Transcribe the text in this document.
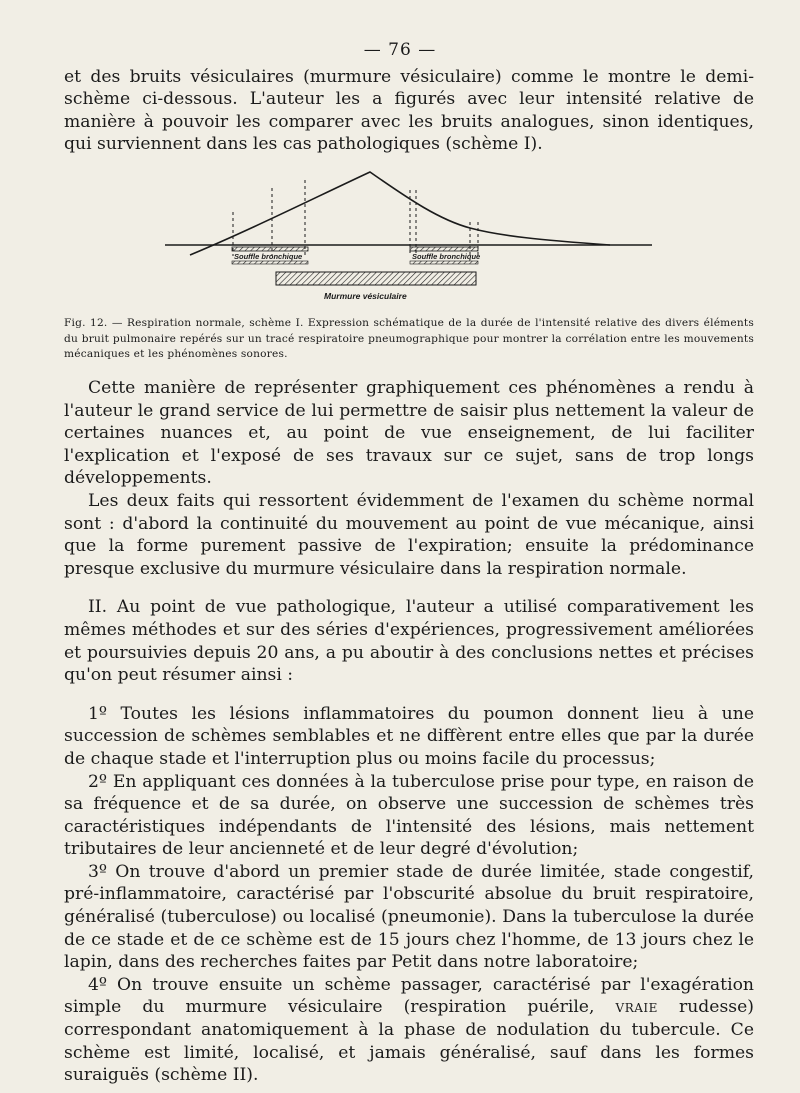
— 76 —

et des bruits vésiculaires (murmure vésiculaire) comme le montre le demi-schème ci-dessous. L'auteur les a figurés avec leur intensité relative de manière à pouvoir les comparer avec les bruits analogues, sinon identiques, qui surviennent dans les cas pathologiques (schème I).

Souffle bronchique	Souffle bronchique
Murmure vésiculaire

Fig. 12. — Respiration normale, schème I. Expression schématique de la durée de l'intensité relative des divers éléments du bruit pulmonaire repérés sur un tracé respiratoire pneumographique pour montrer la corrélation entre les mouvements mécaniques et les phénomènes sonores.

Cette manière de représenter graphiquement ces phénomènes a rendu à l'auteur le grand service de lui permettre de saisir plus nettement la valeur de certaines nuances et, au point de vue enseignement, de lui faciliter l'explication et l'exposé de ses travaux sur ce sujet, sans de trop longs développements.

Les deux faits qui ressortent évidemment de l'examen du schème normal sont : d'abord la continuité du mouvement au point de vue mécanique, ainsi que la forme purement passive de l'expiration; ensuite la prédominance presque exclusive du murmure vésiculaire dans la respiration normale.

II. Au point de vue pathologique, l'auteur a utilisé comparativement les mêmes méthodes et sur des séries d'expériences, progressivement améliorées et poursuivies depuis 20 ans, a pu aboutir à des conclusions nettes et précises qu'on peut résumer ainsi :

1º Toutes les lésions inflammatoires du poumon donnent lieu à une succession de schèmes semblables et ne diffèrent entre elles que par la durée de chaque stade et l'interruption plus ou moins facile du processus;

2º En appliquant ces données à la tuberculose prise pour type, en raison de sa fréquence et de sa durée, on observe une succession de schèmes très caractéristiques indépendants de l'intensité des lésions, mais nettement tributaires de leur ancienneté et de leur degré d'évolution;

3º On trouve d'abord un premier stade de durée limitée, stade congestif, pré-inflammatoire, caractérisé par l'obscurité absolue du bruit respiratoire, généralisé (tuberculose) ou localisé (pneumonie). Dans la tuberculose la durée de ce stade et de ce schème est de 15 jours chez l'homme, de 13 jours chez le lapin, dans des recherches faites par Petit dans notre laboratoire;

4º On trouve ensuite un schème passager, caractérisé par l'exagération simple du murmure vésiculaire (respiration puérile, vraie rudesse) correspondant anatomiquement à la phase de nodulation du tubercule. Ce schème est limité, localisé, et jamais généralisé, sauf dans les formes suraiguës (schème II).
